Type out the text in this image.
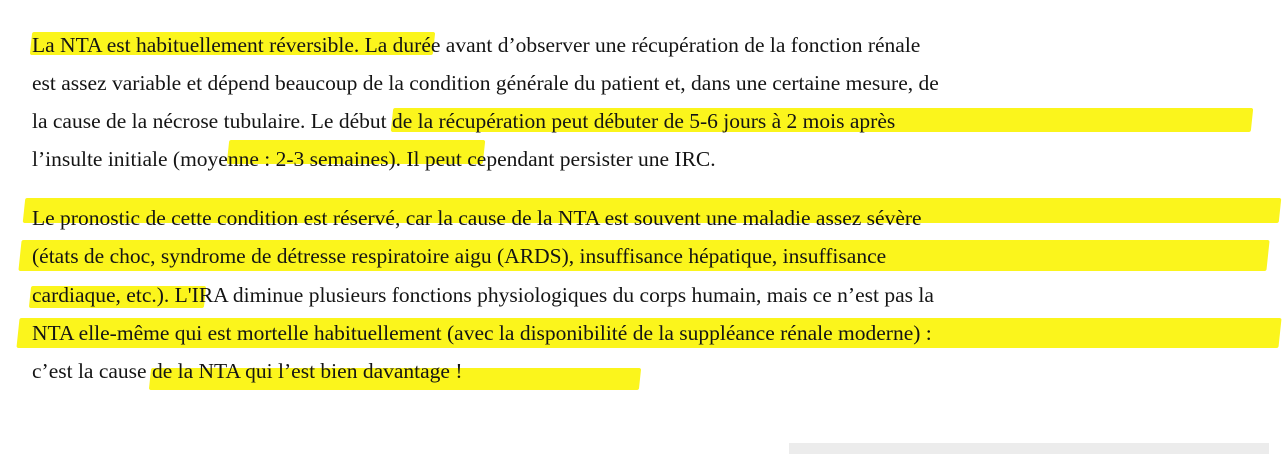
La NTA est habituellement réversible. La durée avant d’observer une récupération de la fonction rénale

est assez variable et dépend beaucoup de la condition générale du patient et, dans une certaine mesure, de

la cause de la nécrose tubulaire. Le début de la récupération peut débuter de 5-6 jours à 2 mois après

l’insulte initiale (moyenne : 2-3 semaines). Il peut cependant persister une IRC.

Le pronostic de cette condition est réservé, car la cause de la NTA est souvent une maladie assez sévère

(états de choc, syndrome de détresse respiratoire aigu (ARDS), insuffisance hépatique, insuffisance

cardiaque, etc.). L'IRA diminue plusieurs fonctions physiologiques du corps humain, mais ce n’est pas la

NTA elle-même qui est mortelle habituellement (avec la disponibilité de la suppléance rénale moderne) :

c’est la cause de la NTA qui l’est bien davantage !
